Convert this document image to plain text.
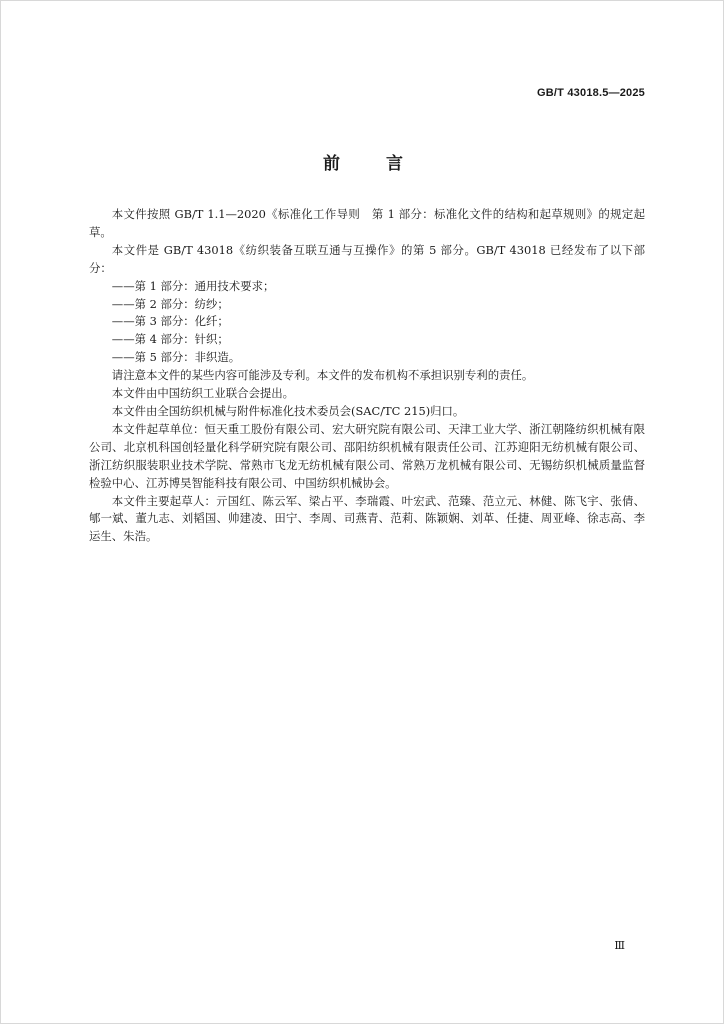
GB/T 43018.5—2025
前言

本文件按照 GB/T 1.1—2020《标准化工作导则　第 1 部分：标准化文件的结构和起草规则》的规定起草。

本文件是 GB/T 43018《纺织装备互联互通与互操作》的第 5 部分。GB/T 43018 已经发布了以下部分：

——第 1 部分：通用技术要求；

——第 2 部分：纺纱；

——第 3 部分：化纤；

——第 4 部分：针织；

——第 5 部分：非织造。

请注意本文件的某些内容可能涉及专利。本文件的发布机构不承担识别专利的责任。

本文件由中国纺织工业联合会提出。

本文件由全国纺织机械与附件标准化技术委员会(SAC/TC 215)归口。

本文件起草单位：恒天重工股份有限公司、宏大研究院有限公司、天津工业大学、浙江朝隆纺织机械有限公司、北京机科国创轻量化科学研究院有限公司、邵阳纺织机械有限责任公司、江苏迎阳无纺机械有限公司、浙江纺织服装职业技术学院、常熟市飞龙无纺机械有限公司、常熟万龙机械有限公司、无锡纺织机械质量监督检验中心、江苏博昊智能科技有限公司、中国纺织机械协会。

本文件主要起草人：亓国红、陈云军、梁占平、李瑞霞、叶宏武、范臻、范立元、林健、陈飞宇、张倩、郇一斌、董九志、刘韬国、帅建凌、田宁、李周、司燕青、范莉、陈颖娴、刘革、任捷、周亚峰、徐志高、李运生、朱浩。

Ⅲ
